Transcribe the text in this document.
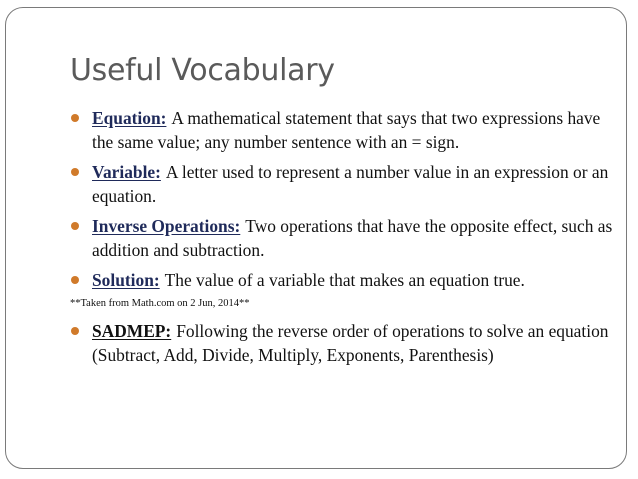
Useful Vocabulary
Equation: A mathematical statement that says that two expressions have the same value; any number sentence with an = sign.
Variable: A letter used to represent a number value in an expression or an equation.
Inverse Operations: Two operations that have the opposite effect, such as addition and subtraction.
Solution: The value of a variable that makes an equation true.
**Taken from Math.com on 2 Jun, 2014**
SADMEP: Following the reverse order of operations to solve an equation (Subtract, Add, Divide, Multiply, Exponents, Parenthesis)
